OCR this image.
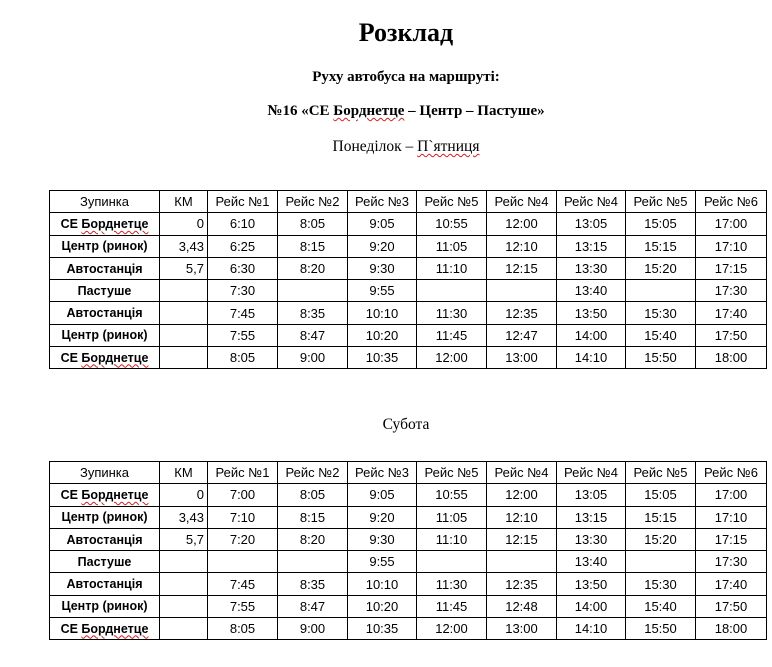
Розклад
Руху автобуса на маршруті:
№16 «СЕ Борднетце – Центр – Пастуше»
Понеділок – П`ятниця
Зупинка	КМ	Рейс №1	Рейс №2	Рейс №3	Рейс №5	Рейс №4	Рейс №4	Рейс №5	Рейс №6
СЕ Борднетце	0	6:10	8:05	9:05	10:55	12:00	13:05	15:05	17:00
Центр (ринок)	3,43	6:25	8:15	9:20	11:05	12:10	13:15	15:15	17:10
Автостанція	5,7	6:30	8:20	9:30	11:10	12:15	13:30	15:20	17:15
Пастуше		7:30		9:55			13:40		17:30
Автостанція		7:45	8:35	10:10	11:30	12:35	13:50	15:30	17:40
Центр (ринок)		7:55	8:47	10:20	11:45	12:47	14:00	15:40	17:50
СЕ Борднетце		8:05	9:00	10:35	12:00	13:00	14:10	15:50	18:00
Субота
Зупинка	КМ	Рейс №1	Рейс №2	Рейс №3	Рейс №5	Рейс №4	Рейс №4	Рейс №5	Рейс №6
СЕ Борднетце	0	7:00	8:05	9:05	10:55	12:00	13:05	15:05	17:00
Центр (ринок)	3,43	7:10	8:15	9:20	11:05	12:10	13:15	15:15	17:10
Автостанція	5,7	7:20	8:20	9:30	11:10	12:15	13:30	15:20	17:15
Пастуше				9:55			13:40		17:30
Автостанція		7:45	8:35	10:10	11:30	12:35	13:50	15:30	17:40
Центр (ринок)		7:55	8:47	10:20	11:45	12:48	14:00	15:40	17:50
СЕ Борднетце		8:05	9:00	10:35	12:00	13:00	14:10	15:50	18:00
